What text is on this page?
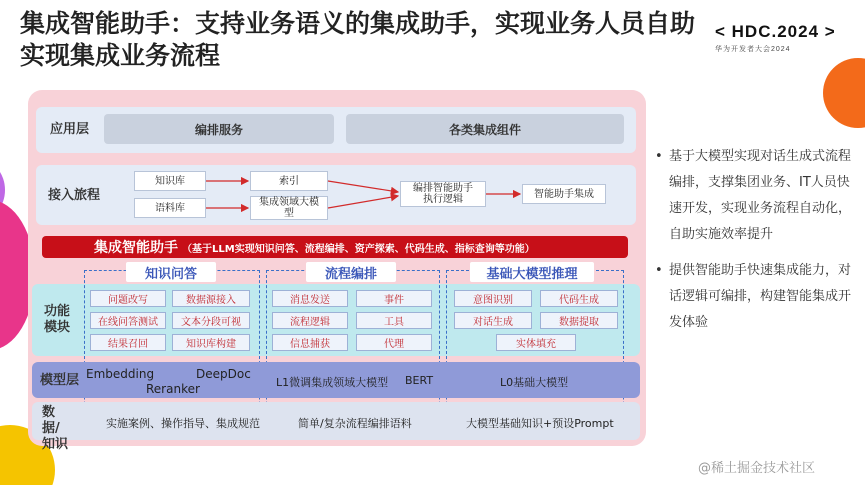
集成智能助手：支持业务语义的集成助手，实现业务人员自助实现集成业务流程
< HDC.2024 >
华为开发者大会2024
应用层	编排服务	各类集成组件
接入旅程
知识库
语料库
索引
集成领域大模型
编排智能助手执行逻辑	智能助手集成
集成智能助手 （基于LLM实现知识问答、流程编排、资产探索、代码生成、指标查询等功能）
功能模块
知识问答	流程编排	基础大模型推理
问题改写	数据源接入
在线问答测试	文本分段可视
结果召回	知识库构建
消息发送	事件
流程逻辑	工具
信息捕获	代理
意图识别	代码生成
对话生成	数据提取
实体填充
模型层 Embedding	DeepDoc
Reranker	L1微调集成领域大模型 BERT	L0基础大模型
数据/知识
实施案例、操作指导、集成规范	简单/复杂流程编排语料	大模型基础知识+预设Prompt
• 基于大模型实现对话生成式流程编排，支撑集团业务、IT人员快速开发，实现业务流程自动化，自助实施效率提升
• 提供智能助手快速集成能力，对话逻辑可编排，构建智能集成开发体验
@稀土掘金技术社区
